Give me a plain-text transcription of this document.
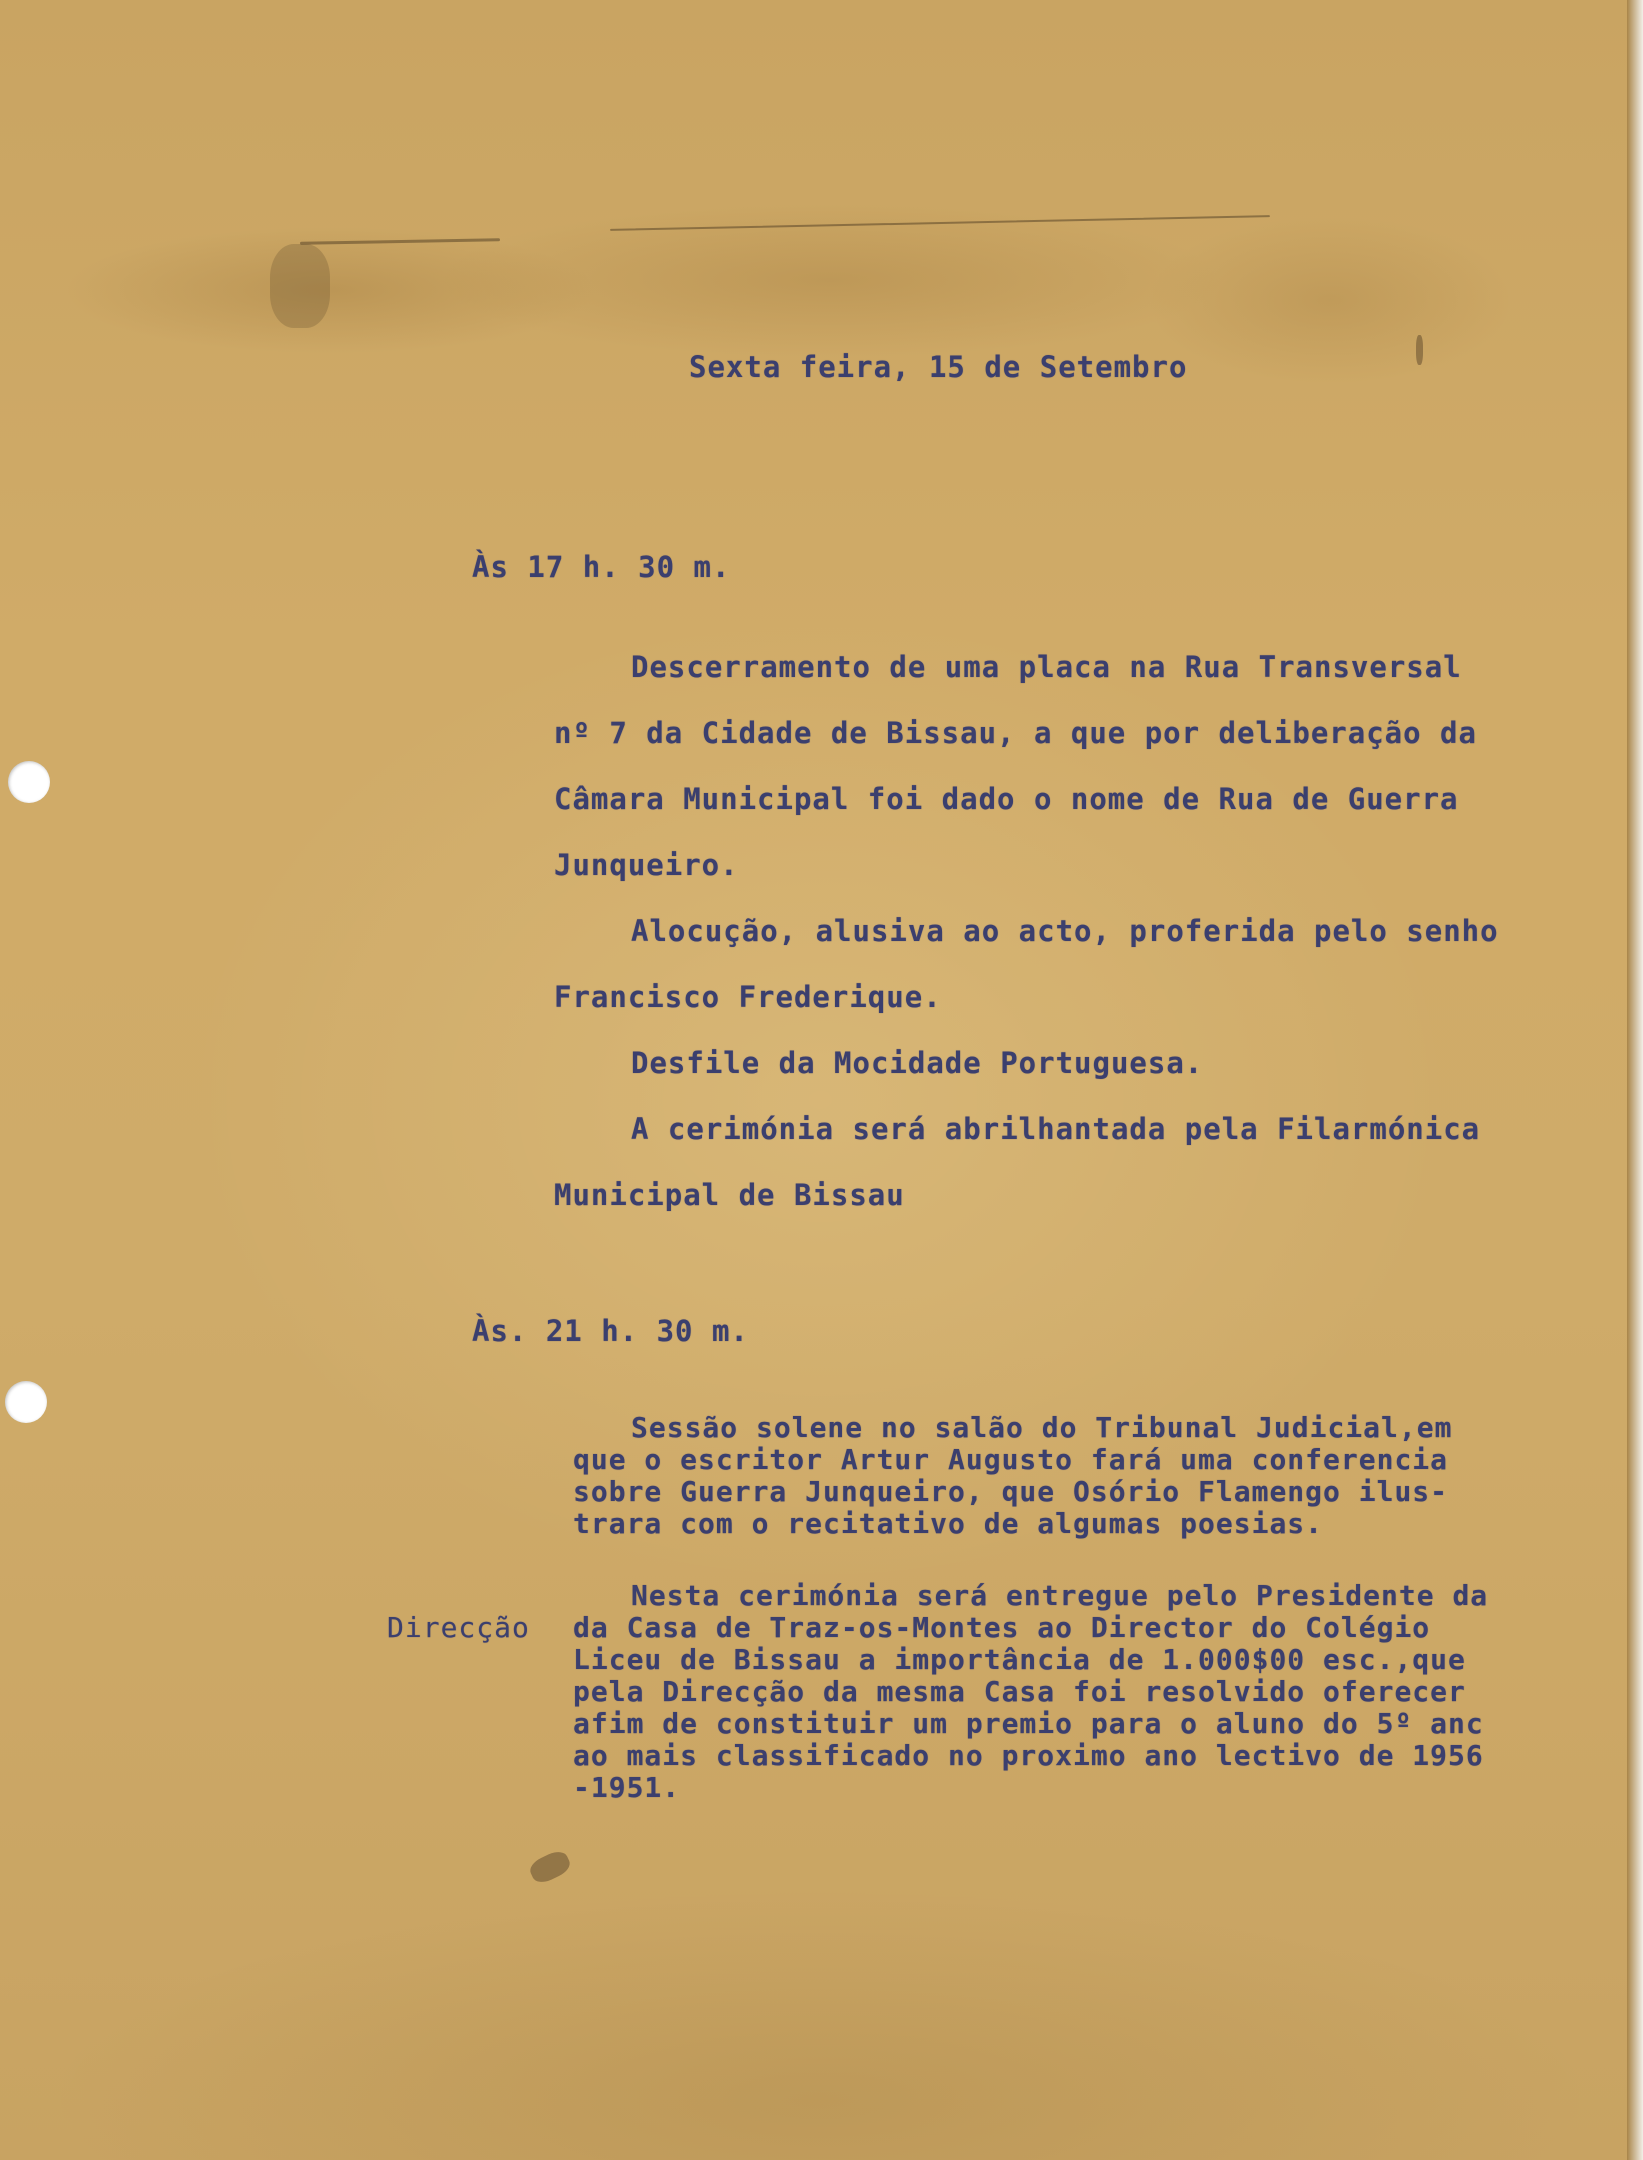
Sexta feira, 15 de Setembro

Às 17 h. 30 m.

Descerramento de uma placa na Rua Transversal

nº 7 da Cidade de Bissau, a que por deliberação da

Câmara Municipal foi dado o nome de Rua de Guerra

Junqueiro.

Alocução, alusiva ao acto, proferida pelo senho

Francisco Frederique.

Desfile da Mocidade Portuguesa.

A cerimónia será abrilhantada pela Filarmónica

Municipal de Bissau

Às. 21 h. 30 m.

Sessão solene no salão do Tribunal Judicial,em

que o escritor Artur Augusto fará uma conferencia

sobre Guerra Junqueiro, que Osório Flamengo ilus-

trara com o recitativo de algumas poesias.

Direcção

Nesta cerimónia será entregue pelo Presidente da

da Casa de Traz-os-Montes ao Director do Colégio

Liceu de Bissau a importância de 1.000$00 esc.,que

pela Direcção da mesma Casa foi resolvido oferecer

afim de constituir um premio para o aluno do 5º anc

ao mais classificado no proximo ano lectivo de 1956

-1951.
